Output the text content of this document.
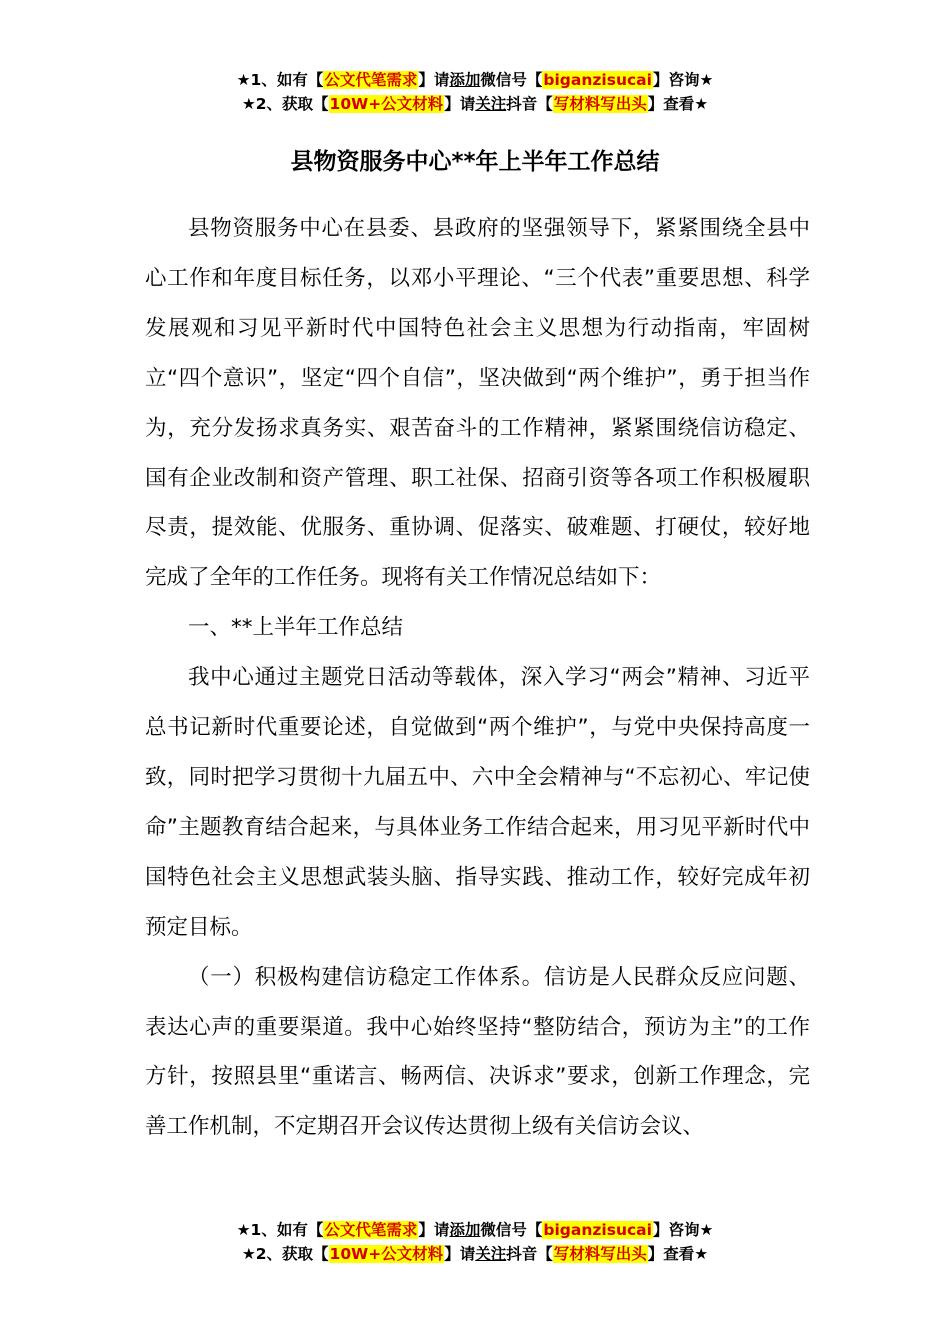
★1、如有【公文代笔需求】请添加微信号【biganzisucai】咨询★
★2、获取【10W+公文材料】请关注抖音【写材料写出头】查看★
县物资服务中心**年上半年工作总结

县物资服务中心在县委、县政府的坚强领导下，紧紧围绕全县中心工作和年度目标任务，以邓小平理论、“三个代表”重要思想、科学发展观和习见平新时代中国特色社会主义思想为行动指南，牢固树立“四个意识”，坚定“四个自信”，坚决做到“两个维护”，勇于担当作为，充分发扬求真务实、艰苦奋斗的工作精神，紧紧围绕信访稳定、国有企业改制和资产管理、职工社保、招商引资等各项工作积极履职尽责，提效能、优服务、重协调、促落实、破难题、打硬仗，较好地完成了全年的工作任务。现将有关工作情况总结如下：

一、**上半年工作总结

我中心通过主题党日活动等载体，深入学习“两会”精神、习近平总书记新时代重要论述，自觉做到“两个维护”，与党中央保持高度一致，同时把学习贯彻十九届五中、六中全会精神与“不忘初心、牢记使命”主题教育结合起来，与具体业务工作结合起来，用习见平新时代中国特色社会主义思想武装头脑、指导实践、推动工作，较好完成年初预定目标。

（一）积极构建信访稳定工作体系。信访是人民群众反应问题、表达心声的重要渠道。我中心始终坚持“整防结合，预访为主”的工作方针，按照县里“重诺言、畅两信、决诉求”要求，创新工作理念，完善工作机制，不定期召开会议传达贯彻上级有关信访会议、

★1、如有【公文代笔需求】请添加微信号【biganzisucai】咨询★
★2、获取【10W+公文材料】请关注抖音【写材料写出头】查看★
